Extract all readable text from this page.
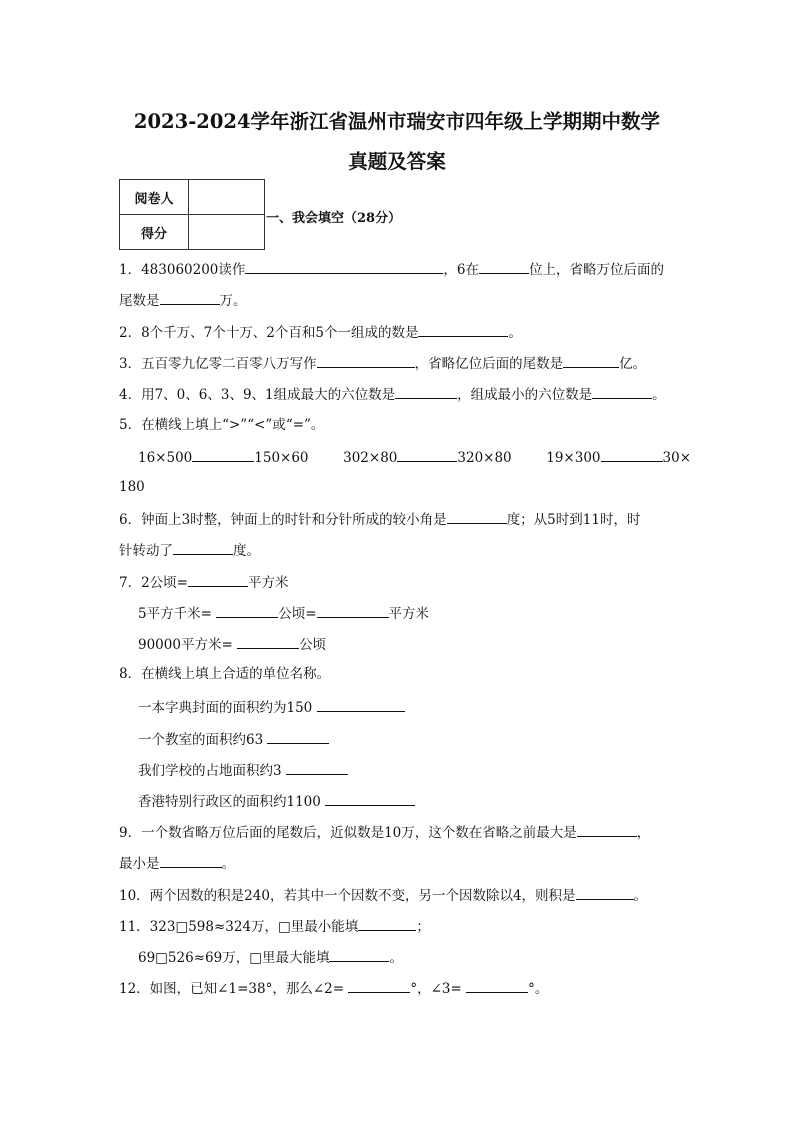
2023-2024学年浙江省温州市瑞安市四年级上学期期中数学
真题及答案
阅卷人	
得分	
一、我会填空（28分）
1．483060200读作	，6在	位上，省略万位后面的
尾数是	万。
2．8个千万、7个十万、2个百和5个一组成的数是	。
3．五百零九亿零二百零八万写作	，省略亿位后面的尾数是	亿。
4．用7、0、6、3、9、1组成最大的六位数是	，组成最小的六位数是	。
5．在横线上填上“>”“<”或“=”。
16×500	150×60	302×80	320×80	19×300	30×
180
6．钟面上3时整，钟面上的时针和分针所成的较小角是	度；从5时到11时，时
针转动了	度。
7．2公顷=	平方米
5平方千米=	公顷=	平方米
90000平方米=	公顷
8．在横线上填上合适的单位名称。
一本字典封面的面积约为150
一个教室的面积约63
我们学校的占地面积约3
香港特别行政区的面积约1100
9．一个数省略万位后面的尾数后，近似数是10万，这个数在省略之前最大是	，
最小是	。
10．两个因数的积是240，若其中一个因数不变，另一个因数除以4，则积是	。
11．323□598≈324万，□里最小能填	；
69□526≈69万，□里最大能填	。
12．如图，已知∠1=38°，那么∠2=	°，∠3=	°。
